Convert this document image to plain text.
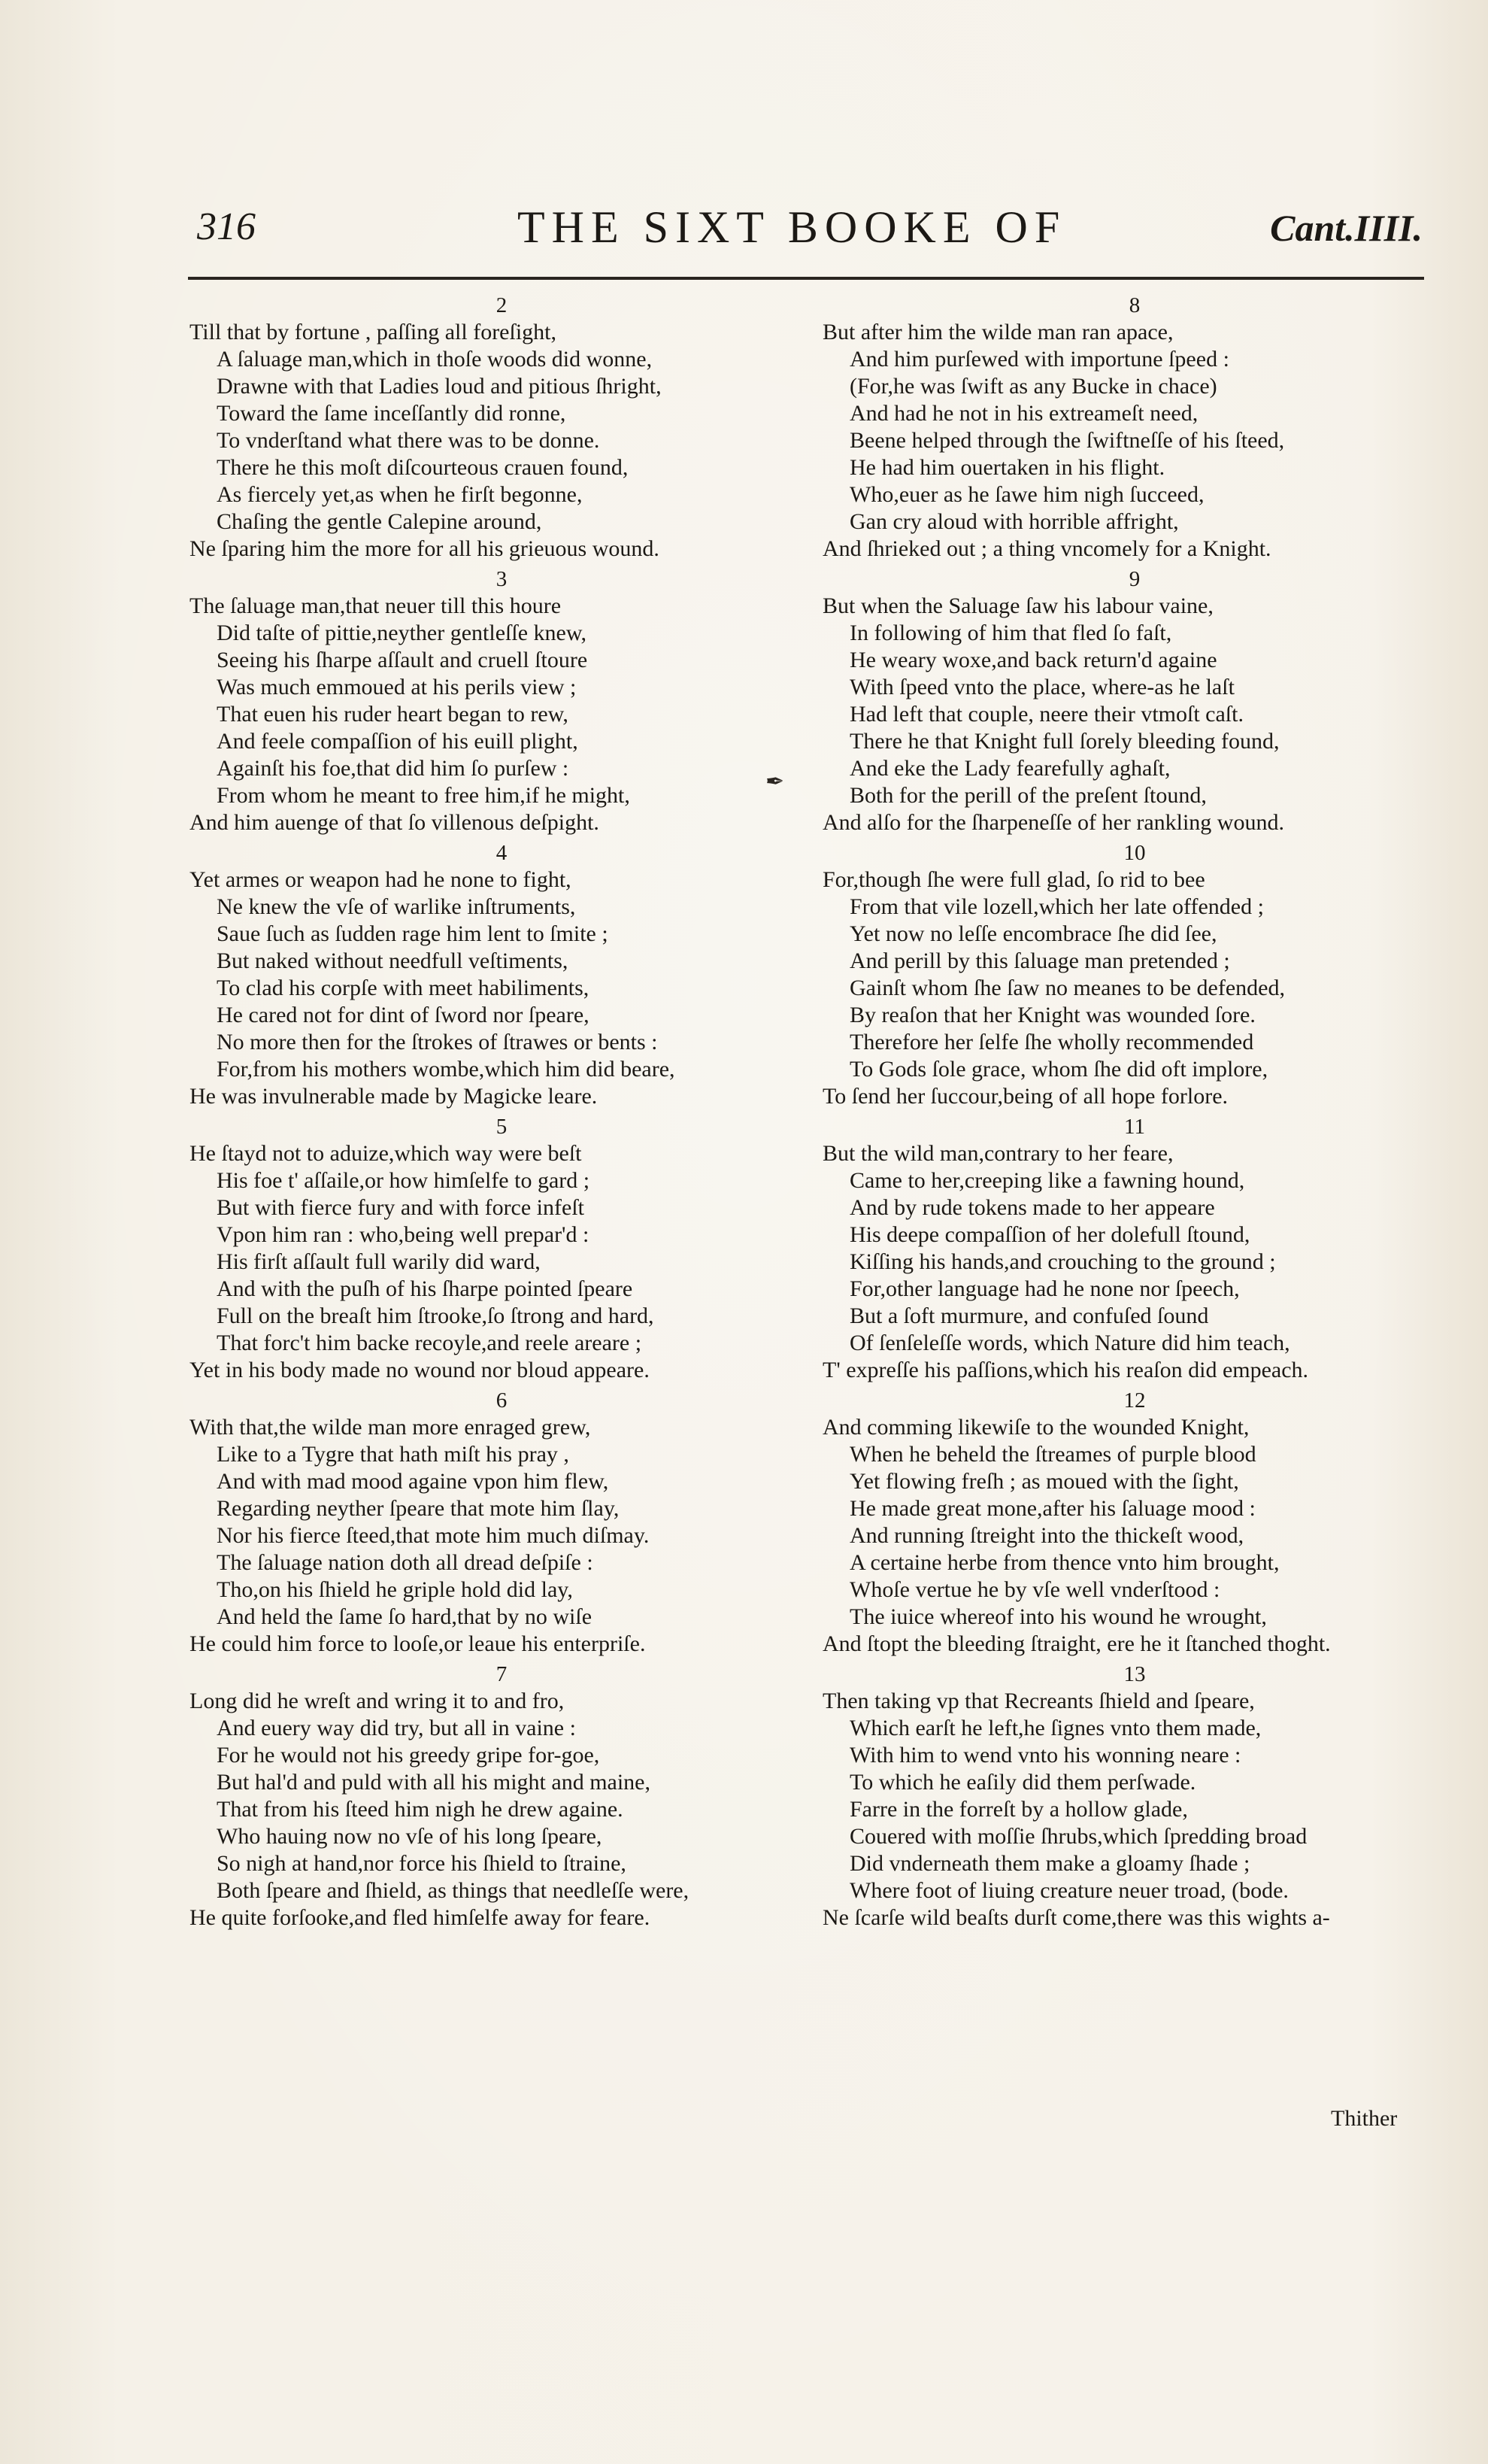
316	THE SIXT BOOKE OF	Cant.IIII.
2
Till that by fortune , paſſing all foreſight,
A ſaluage man,which in thoſe woods did wonne,
Drawne with that Ladies loud and pitious ſhright,
Toward the ſame inceſſantly did ronne,
To vnderſtand what there was to be donne.
There he this moſt diſcourteous crauen found,
As fiercely yet,as when he firſt begonne,
Chaſing the gentle Calepine around,
Ne ſparing him the more for all his grieuous wound.
3
The ſaluage man,that neuer till this houre
Did taſte of pittie,neyther gentleſſe knew,
Seeing his ſharpe aſſault and cruell ſtoure
Was much emmoued at his perils view ;
That euen his ruder heart began to rew,
And feele compaſſion of his euill plight,
Againſt his foe,that did him ſo purſew :
From whom he meant to free him,if he might,
And him auenge of that ſo villenous deſpight.
4
Yet armes or weapon had he none to fight,
Ne knew the vſe of warlike inſtruments,
Saue ſuch as ſudden rage him lent to ſmite ;
But naked without needfull veſtiments,
To clad his corpſe with meet habiliments,
He cared not for dint of ſword nor ſpeare,
No more then for the ſtrokes of ſtrawes or bents :
For,from his mothers wombe,which him did beare,
He was invulnerable made by Magicke leare.
5
He ſtayd not to aduize,which way were beſt
His foe t' aſſaile,or how himſelfe to gard ;
But with fierce fury and with force infeſt
Vpon him ran : who,being well prepar'd :
His firſt aſſault full warily did ward,
And with the puſh of his ſharpe pointed ſpeare
Full on the breaſt him ſtrooke,ſo ſtrong and hard,
That forc't him backe recoyle,and reele areare ;
Yet in his body made no wound nor bloud appeare.
6
With that,the wilde man more enraged grew,
Like to a Tygre that hath miſt his pray ,
And with mad mood againe vpon him flew,
Regarding neyther ſpeare that mote him ſlay,
Nor his fierce ſteed,that mote him much diſmay.
The ſaluage nation doth all dread deſpiſe :
Tho,on his ſhield he griple hold did lay,
And held the ſame ſo hard,that by no wiſe
He could him force to looſe,or leaue his enterpriſe.
7
Long did he wreſt and wring it to and fro,
And euery way did try, but all in vaine :
For he would not his greedy gripe for-goe,
But hal'd and puld with all his might and maine,
That from his ſteed him nigh he drew againe.
Who hauing now no vſe of his long ſpeare,
So nigh at hand,nor force his ſhield to ſtraine,
Both ſpeare and ſhield, as things that needleſſe were,
He quite forſooke,and fled himſelfe away for feare.
8
But after him the wilde man ran apace,
And him purſewed with importune ſpeed :
(For,he was ſwift as any Bucke in chace)
And had he not in his extreameſt need,
Beene helped through the ſwiftneſſe of his ſteed,
He had him ouertaken in his flight.
Who,euer as he ſawe him nigh ſucceed,
Gan cry aloud with horrible affright,
And ſhrieked out ; a thing vncomely for a Knight.
9
But when the Saluage ſaw his labour vaine,
In following of him that fled ſo faſt,
He weary woxe,and back return'd againe
With ſpeed vnto the place, where-as he laſt
Had left that couple, neere their vtmoſt caſt.
There he that Knight full ſorely bleeding found,
And eke the Lady fearefully aghaſt,
Both for the perill of the preſent ſtound,
And alſo for the ſharpeneſſe of her rankling wound.
10
For,though ſhe were full glad, ſo rid to bee
From that vile lozell,which her late offended ;
Yet now no leſſe encombrace ſhe did ſee,
And perill by this ſaluage man pretended ;
Gainſt whom ſhe ſaw no meanes to be defended,
By reaſon that her Knight was wounded ſore.
Therefore her ſelfe ſhe wholly recommended
To Gods ſole grace, whom ſhe did oft implore,
To ſend her ſuccour,being of all hope forlore.
11
But the wild man,contrary to her feare,
Came to her,creeping like a fawning hound,
And by rude tokens made to her appeare
His deepe compaſſion of her dolefull ſtound,
Kiſſing his hands,and crouching to the ground ;
For,other language had he none nor ſpeech,
But a ſoft murmure, and confuſed ſound
Of ſenſeleſſe words, which Nature did him teach,
T' expreſſe his paſſions,which his reaſon did empeach.
12
And comming likewiſe to the wounded Knight,
When he beheld the ſtreames of purple blood
Yet flowing freſh ; as moued with the ſight,
He made great mone,after his ſaluage mood :
And running ſtreight into the thickeſt wood,
A certaine herbe from thence vnto him brought,
Whoſe vertue he by vſe well vnderſtood :
The iuice whereof into his wound he wrought,
And ſtopt the bleeding ſtraight, ere he it ſtanched thoght.
13
Then taking vp that Recreants ſhield and ſpeare,
Which earſt he left,he ſignes vnto them made,
With him to wend vnto his wonning neare :
To which he eaſily did them perſwade.
Farre in the forreſt by a hollow glade,
Couered with moſſie ſhrubs,which ſpredding broad
Did vnderneath them make a gloamy ſhade ;
Where foot of liuing creature neuer troad, (bode.
Ne ſcarſe wild beaſts durſt come,there was this wights a-
✒
Thither
